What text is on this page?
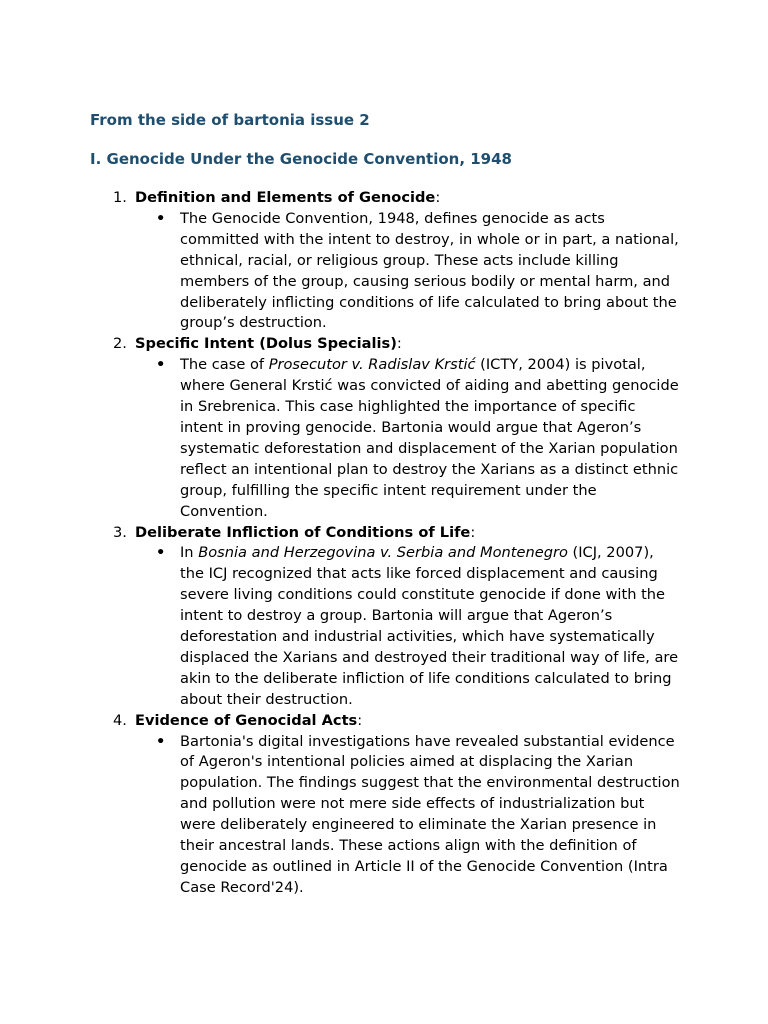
From the side of bartonia issue 2
I. Genocide Under the Genocide Convention, 1948
1. Definition and Elements of Genocide:
• The Genocide Convention, 1948, defines genocide as acts committed with the intent to destroy, in whole or in part, a national, ethnical, racial, or religious group. These acts include killing members of the group, causing serious bodily or mental harm, and deliberately inflicting conditions of life calculated to bring about the group’s destruction.
2. Specific Intent (Dolus Specialis):
• The case of Prosecutor v. Radislav Krstić (ICTY, 2004) is pivotal, where General Krstić was convicted of aiding and abetting genocide in Srebrenica. This case highlighted the importance of specific intent in proving genocide. Bartonia would argue that Ageron’s systematic deforestation and displacement of the Xarian population reflect an intentional plan to destroy the Xarians as a distinct ethnic group, fulfilling the specific intent requirement under the Convention.
3. Deliberate Infliction of Conditions of Life:
• In Bosnia and Herzegovina v. Serbia and Montenegro (ICJ, 2007), the ICJ recognized that acts like forced displacement and causing severe living conditions could constitute genocide if done with the intent to destroy a group. Bartonia will argue that Ageron’s deforestation and industrial activities, which have systematically displaced the Xarians and destroyed their traditional way of life, are akin to the deliberate infliction of life conditions calculated to bring about their destruction.
4. Evidence of Genocidal Acts:
• Bartonia's digital investigations have revealed substantial evidence of Ageron's intentional policies aimed at displacing the Xarian population. The findings suggest that the environmental destruction and pollution were not mere side effects of industrialization but were deliberately engineered to eliminate the Xarian presence in their ancestral lands. These actions align with the definition of genocide as outlined in Article II of the Genocide Convention (Intra Case Record'24).
